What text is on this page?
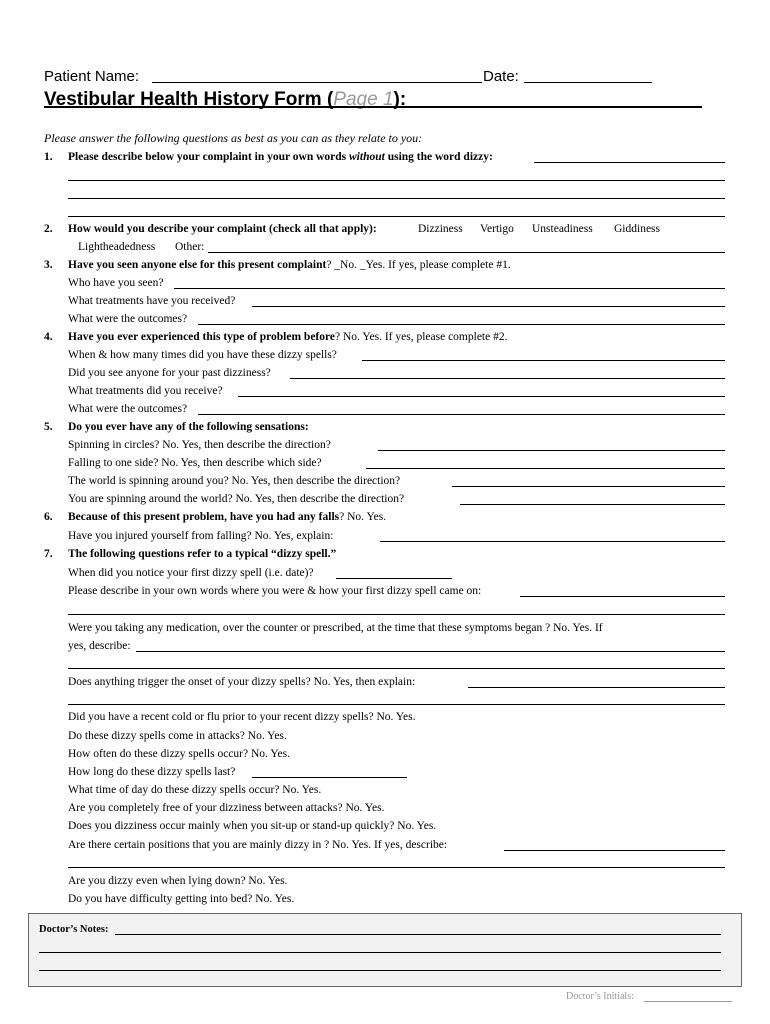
Patient Name:	Date:
Vestibular Health History Form (Page 1):
Please answer the following questions as best as you can as they relate to you:
1. Please describe below your complaint in your own words without using the word dizzy:
2. How would you describe your complaint (check all that apply):	Dizziness Vertigo Unsteadiness Giddiness
Lightheadedness Other:
3. Have you seen anyone else for this present complaint? _No. _Yes. If yes, please complete #1.
Who have you seen?
What treatments have you received?
What were the outcomes?
4. Have you ever experienced this type of problem before? No. Yes. If yes, please complete #2.
When & how many times did you have these dizzy spells?
Did you see anyone for your past dizziness?
What treatments did you receive?
What were the outcomes?
5. Do you ever have any of the following sensations:
Spinning in circles? No. Yes, then describe the direction?
Falling to one side? No. Yes, then describe which side?
The world is spinning around you? No. Yes, then describe the direction?
You are spinning around the world? No. Yes, then describe the direction?
6. Because of this present problem, have you had any falls? No. Yes.
Have you injured yourself from falling? No. Yes, explain:
7. The following questions refer to a typical “dizzy spell.”
When did you notice your first dizzy spell (i.e. date)?
Please describe in your own words where you were & how your first dizzy spell came on:
Were you taking any medication, over the counter or prescribed, at the time that these symptoms began ? No. Yes. If
yes, describe:
Does anything trigger the onset of your dizzy spells? No. Yes, then explain:
Did you have a recent cold or flu prior to your recent dizzy spells? No. Yes.
Do these dizzy spells come in attacks? No. Yes.
How often do these dizzy spells occur? No. Yes.
How long do these dizzy spells last?
What time of day do these dizzy spells occur? No. Yes.
Are you completely free of your dizziness between attacks? No. Yes.
Does you dizziness occur mainly when you sit-up or stand-up quickly? No. Yes.
Are there certain positions that you are mainly dizzy in ? No. Yes. If yes, describe:
Are you dizzy even when lying down? No. Yes.
Do you have difficulty getting into bed? No. Yes.
Doctor’s Notes:
Doctor’s Initials:
